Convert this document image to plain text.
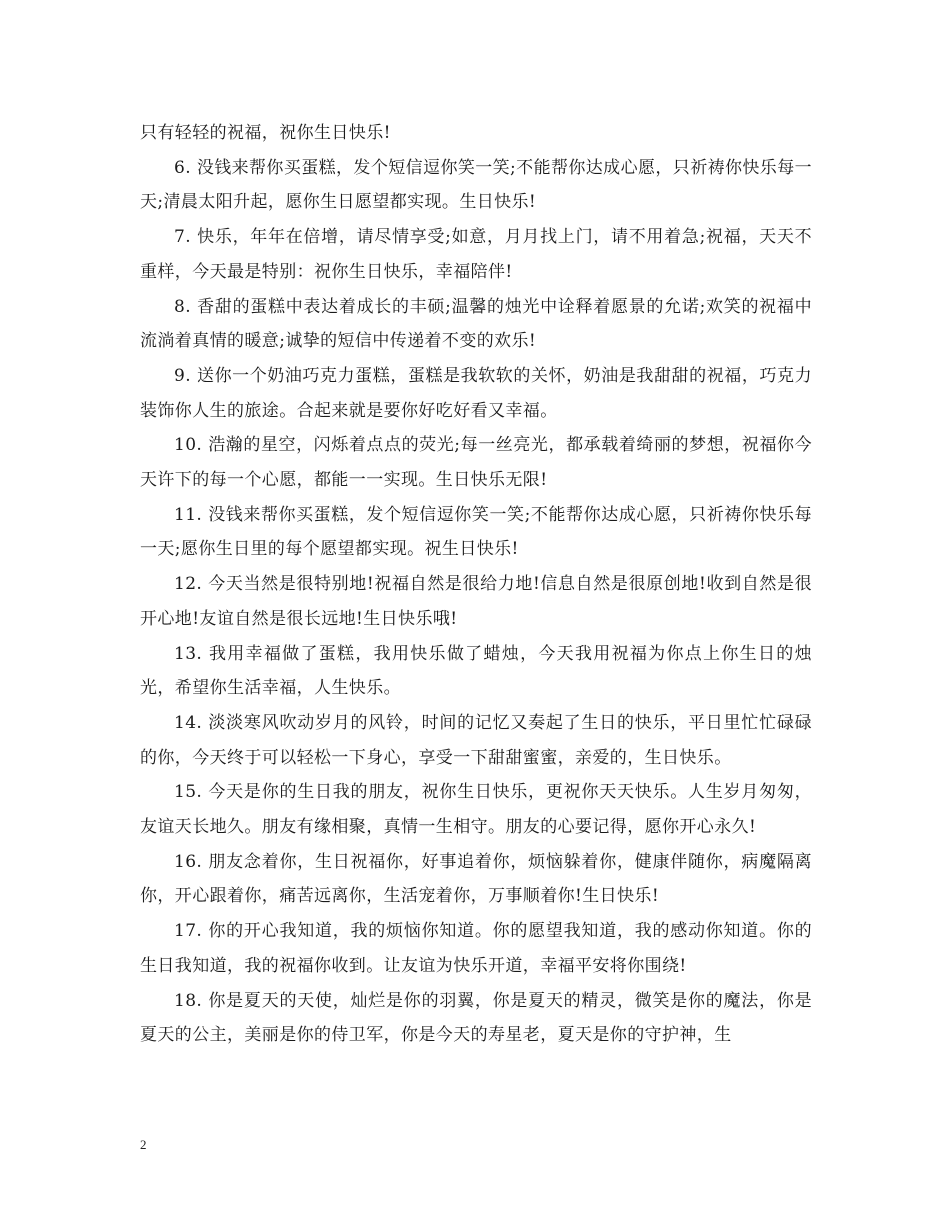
只有轻轻的祝福，祝你生日快乐!

6. 没钱来帮你买蛋糕，发个短信逗你笑一笑;不能帮你达成心愿，只祈祷你快乐每一天;清晨太阳升起，愿你生日愿望都实现。生日快乐!

7. 快乐，年年在倍增，请尽情享受;如意，月月找上门，请不用着急;祝福，天天不重样，今天最是特别：祝你生日快乐，幸福陪伴!

8. 香甜的蛋糕中表达着成长的丰硕;温馨的烛光中诠释着愿景的允诺;欢笑的祝福中流淌着真情的暖意;诚挚的短信中传递着不变的欢乐!

9. 送你一个奶油巧克力蛋糕，蛋糕是我软软的关怀，奶油是我甜甜的祝福，巧克力装饰你人生的旅途。合起来就是要你好吃好看又幸福。

10. 浩瀚的星空，闪烁着点点的荧光;每一丝亮光，都承载着绮丽的梦想，祝福你今天许下的每一个心愿，都能一一实现。生日快乐无限!

11. 没钱来帮你买蛋糕，发个短信逗你笑一笑;不能帮你达成心愿，只祈祷你快乐每一天;愿你生日里的每个愿望都实现。祝生日快乐!

12. 今天当然是很特别地!祝福自然是很给力地!信息自然是很原创地!收到自然是很开心地!友谊自然是很长远地!生日快乐哦!

13. 我用幸福做了蛋糕，我用快乐做了蜡烛，今天我用祝福为你点上你生日的烛光，希望你生活幸福，人生快乐。

14. 淡淡寒风吹动岁月的风铃，时间的记忆又奏起了生日的快乐，平日里忙忙碌碌的你，今天终于可以轻松一下身心，享受一下甜甜蜜蜜，亲爱的，生日快乐。

15. 今天是你的生日我的朋友，祝你生日快乐，更祝你天天快乐。人生岁月匆匆，友谊天长地久。朋友有缘相聚，真情一生相守。朋友的心要记得，愿你开心永久!

16. 朋友念着你，生日祝福你，好事追着你，烦恼躲着你，健康伴随你，病魔隔离你，开心跟着你，痛苦远离你，生活宠着你，万事顺着你!生日快乐!

17. 你的开心我知道，我的烦恼你知道。你的愿望我知道，我的感动你知道。你的生日我知道，我的祝福你收到。让友谊为快乐开道，幸福平安将你围绕!

18. 你是夏天的天使，灿烂是你的羽翼，你是夏天的精灵，微笑是你的魔法，你是夏天的公主，美丽是你的侍卫军，你是今天的寿星老，夏天是你的守护神，生

2
